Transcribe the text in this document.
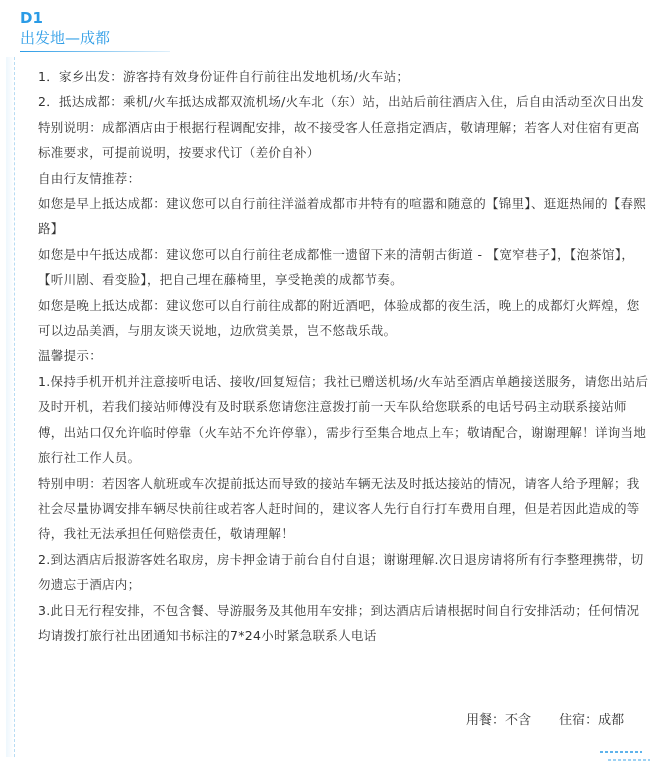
D1
出发地—成都

1．家乡出发：游客持有效身份证件自行前往出发地机场/火车站；

2．抵达成都：乘机/火车抵达成都双流机场/火车北（东）站，出站后前往酒店入住，后自由活动至次日出发

特别说明：成都酒店由于根据行程调配安排，故不接受客人任意指定酒店，敬请理解；若客人对住宿有更高标准要求，可提前说明，按要求代订（差价自补）

自由行友情推荐：

如您是早上抵达成都：建议您可以自行前往洋溢着成都市井特有的喧嚣和随意的【锦里】、逛逛热闹的【春熙路】

如您是中午抵达成都：建议您可以自行前往老成都惟一遗留下来的清朝古街道 - 【宽窄巷子】，【泡茶馆】，【听川剧、看变脸】，把自己埋在藤椅里，享受艳羡的成都节奏。

如您是晚上抵达成都：建议您可以自行前往成都的附近酒吧，体验成都的夜生活，晚上的成都灯火辉煌，您可以边品美酒，与朋友谈天说地，边欣赏美景，岂不悠哉乐哉。

温馨提示：

1.保持手机开机并注意接听电话、接收/回复短信；我社已赠送机场/火车站至酒店单趟接送服务，请您出站后及时开机，若我们接站师傅没有及时联系您请您注意拨打前一天车队给您联系的电话号码主动联系接站师傅，出站口仅允许临时停靠（火车站不允许停靠），需步行至集合地点上车；敬请配合，谢谢理解！详询当地旅行社工作人员。

特别申明：若因客人航班或车次提前抵达而导致的接站车辆无法及时抵达接站的情况，请客人给予理解；我社会尽量协调安排车辆尽快前往或若客人赶时间的，建议客人先行自行打车费用自理，但是若因此造成的等待，我社无法承担任何赔偿责任，敬请理解！

2.到达酒店后报游客姓名取房，房卡押金请于前台自付自退；谢谢理解.次日退房请将所有行李整理携带，切勿遗忘于酒店内；

3.此日无行程安排，不包含餐、导游服务及其他用车安排；到达酒店后请根据时间自行安排活动；任何情况均请拨打旅行社出团通知书标注的7*24小时紧急联系人电话

用餐：不含 住宿：成都
